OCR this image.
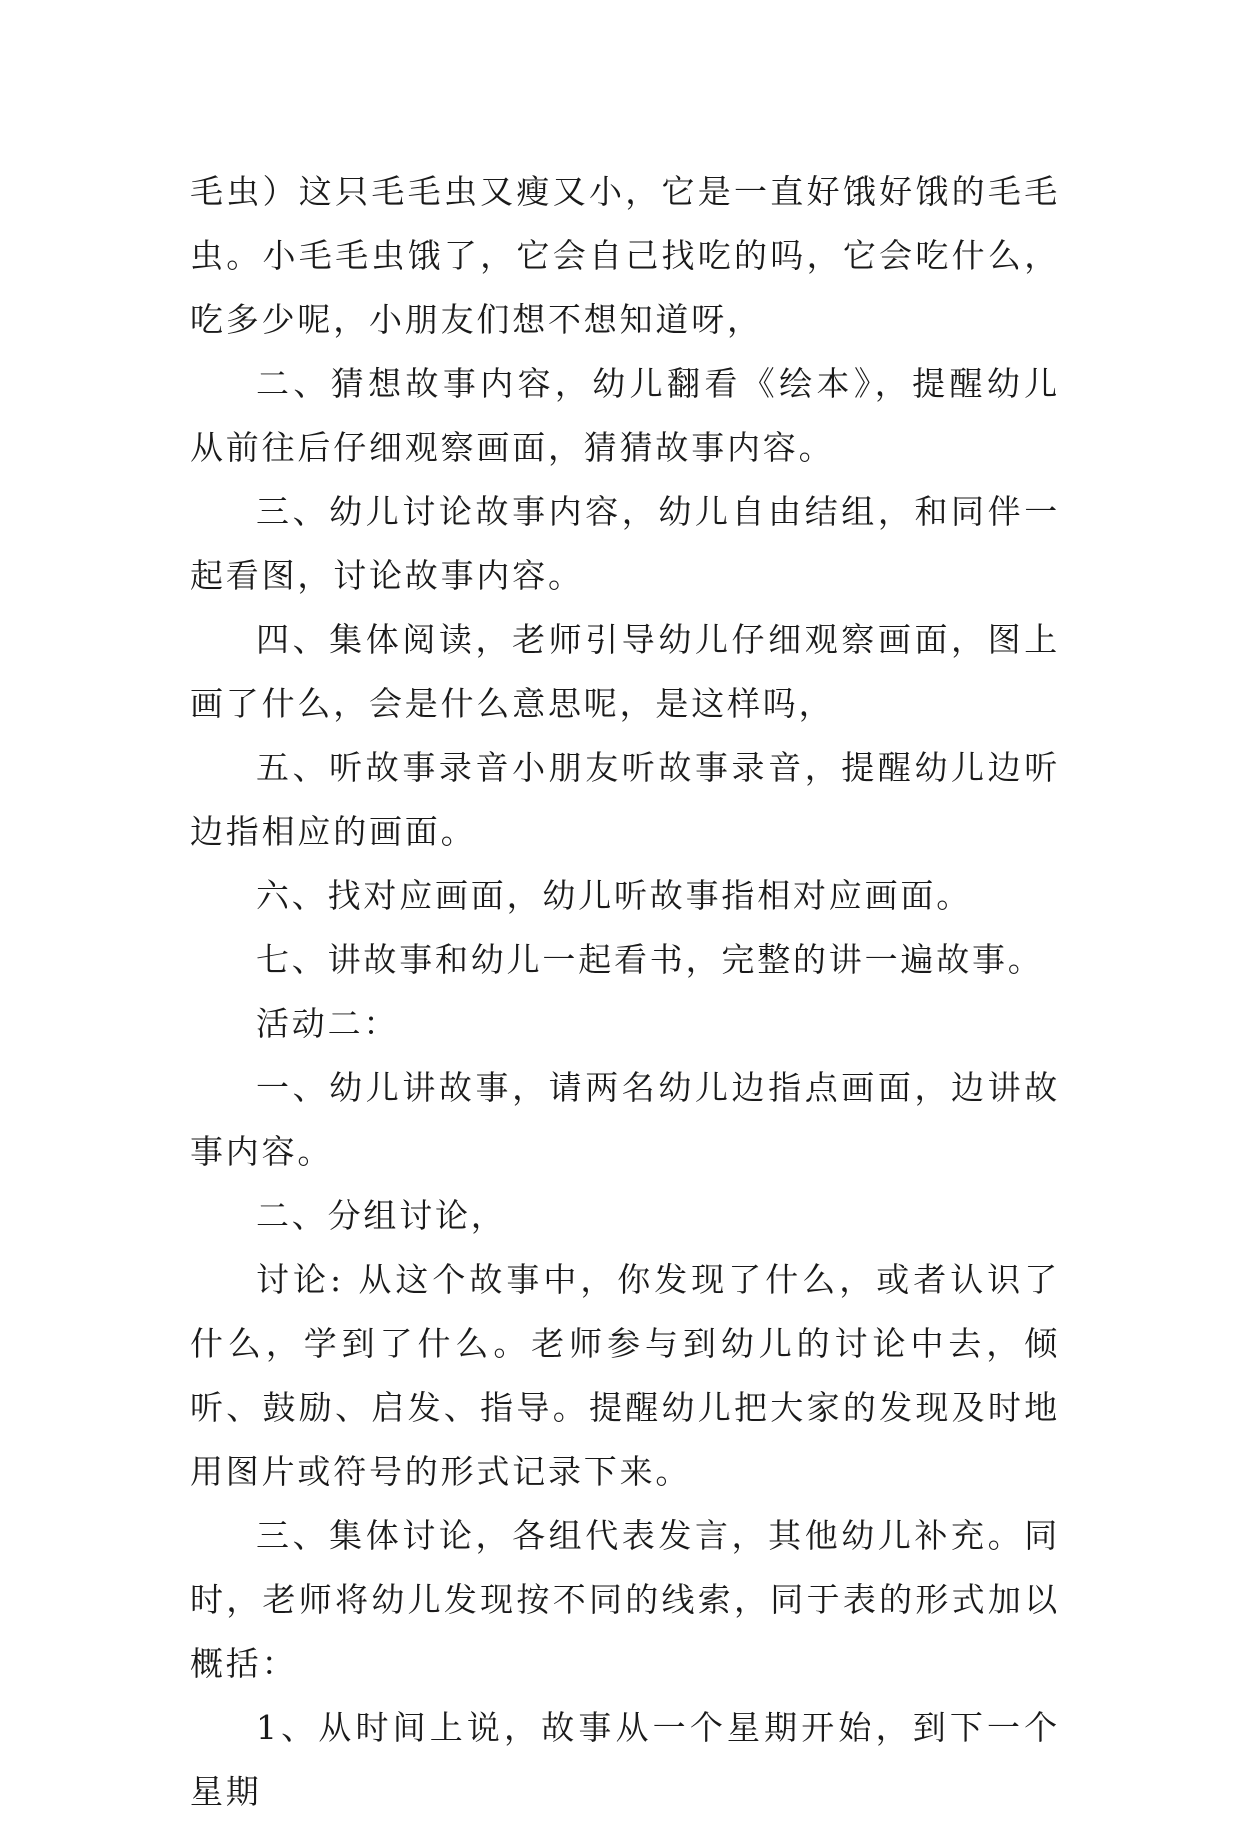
毛虫）这只毛毛虫又瘦又小，它是一直好饿好饿的毛毛虫。小毛毛虫饿了，它会自己找吃的吗，它会吃什么，吃多少呢，小朋友们想不想知道呀，

二、猜想故事内容，幼儿翻看《绘本》，提醒幼儿从前往后仔细观察画面，猜猜故事内容。

三、幼儿讨论故事内容，幼儿自由结组，和同伴一起看图，讨论故事内容。

四、集体阅读，老师引导幼儿仔细观察画面，图上画了什么，会是什么意思呢，是这样吗，

五、听故事录音小朋友听故事录音，提醒幼儿边听边指相应的画面。

六、找对应画面，幼儿听故事指相对应画面。

七、讲故事和幼儿一起看书，完整的讲一遍故事。

活动二：

一、幼儿讲故事，请两名幼儿边指点画面，边讲故事内容。

二、分组讨论，

讨论: 从这个故事中，你发现了什么，或者认识了什么，学到了什么。老师参与到幼儿的讨论中去，倾听、鼓励、启发、指导。提醒幼儿把大家的发现及时地用图片或符号的形式记录下来。

三、集体讨论，各组代表发言，其他幼儿补充。同时，老师将幼儿发现按不同的线索，同于表的形式加以概括：

1、从时间上说，故事从一个星期开始，到下一个星期
